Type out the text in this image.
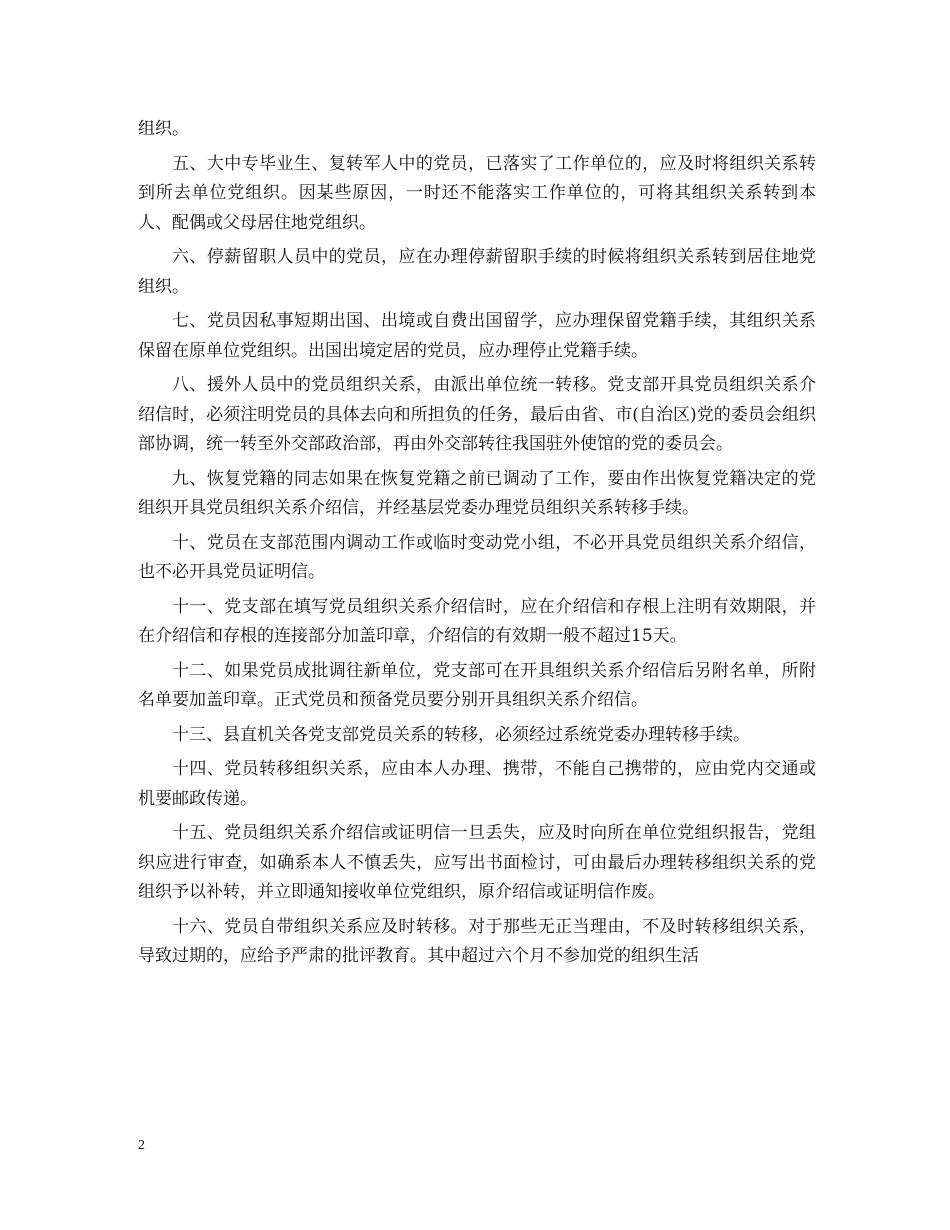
组织。

五、大中专毕业生、复转军人中的党员，已落实了工作单位的，应及时将组织关系转到所去单位党组织。因某些原因，一时还不能落实工作单位的，可将其组织关系转到本人、配偶或父母居住地党组织。

六、停薪留职人员中的党员，应在办理停薪留职手续的时候将组织关系转到居住地党组织。

七、党员因私事短期出国、出境或自费出国留学，应办理保留党籍手续，其组织关系保留在原单位党组织。出国出境定居的党员，应办理停止党籍手续。

八、援外人员中的党员组织关系，由派出单位统一转移。党支部开具党员组织关系介绍信时，必须注明党员的具体去向和所担负的任务，最后由省、市(自治区)党的委员会组织部协调，统一转至外交部政治部，再由外交部转往我国驻外使馆的党的委员会。

九、恢复党籍的同志如果在恢复党籍之前已调动了工作，要由作出恢复党籍决定的党组织开具党员组织关系介绍信，并经基层党委办理党员组织关系转移手续。

十、党员在支部范围内调动工作或临时变动党小组，不必开具党员组织关系介绍信，也不必开具党员证明信。

十一、党支部在填写党员组织关系介绍信时，应在介绍信和存根上注明有效期限，并在介绍信和存根的连接部分加盖印章，介绍信的有效期一般不超过15天。

十二、如果党员成批调往新单位，党支部可在开具组织关系介绍信后另附名单，所附名单要加盖印章。正式党员和预备党员要分别开具组织关系介绍信。

十三、县直机关各党支部党员关系的转移，必须经过系统党委办理转移手续。

十四、党员转移组织关系，应由本人办理、携带，不能自己携带的，应由党内交通或机要邮政传递。

十五、党员组织关系介绍信或证明信一旦丢失，应及时向所在单位党组织报告，党组织应进行审查，如确系本人不慎丢失，应写出书面检讨，可由最后办理转移组织关系的党组织予以补转，并立即通知接收单位党组织，原介绍信或证明信作废。

十六、党员自带组织关系应及时转移。对于那些无正当理由，不及时转移组织关系，导致过期的，应给予严肃的批评教育。其中超过六个月不参加党的组织生活

2
